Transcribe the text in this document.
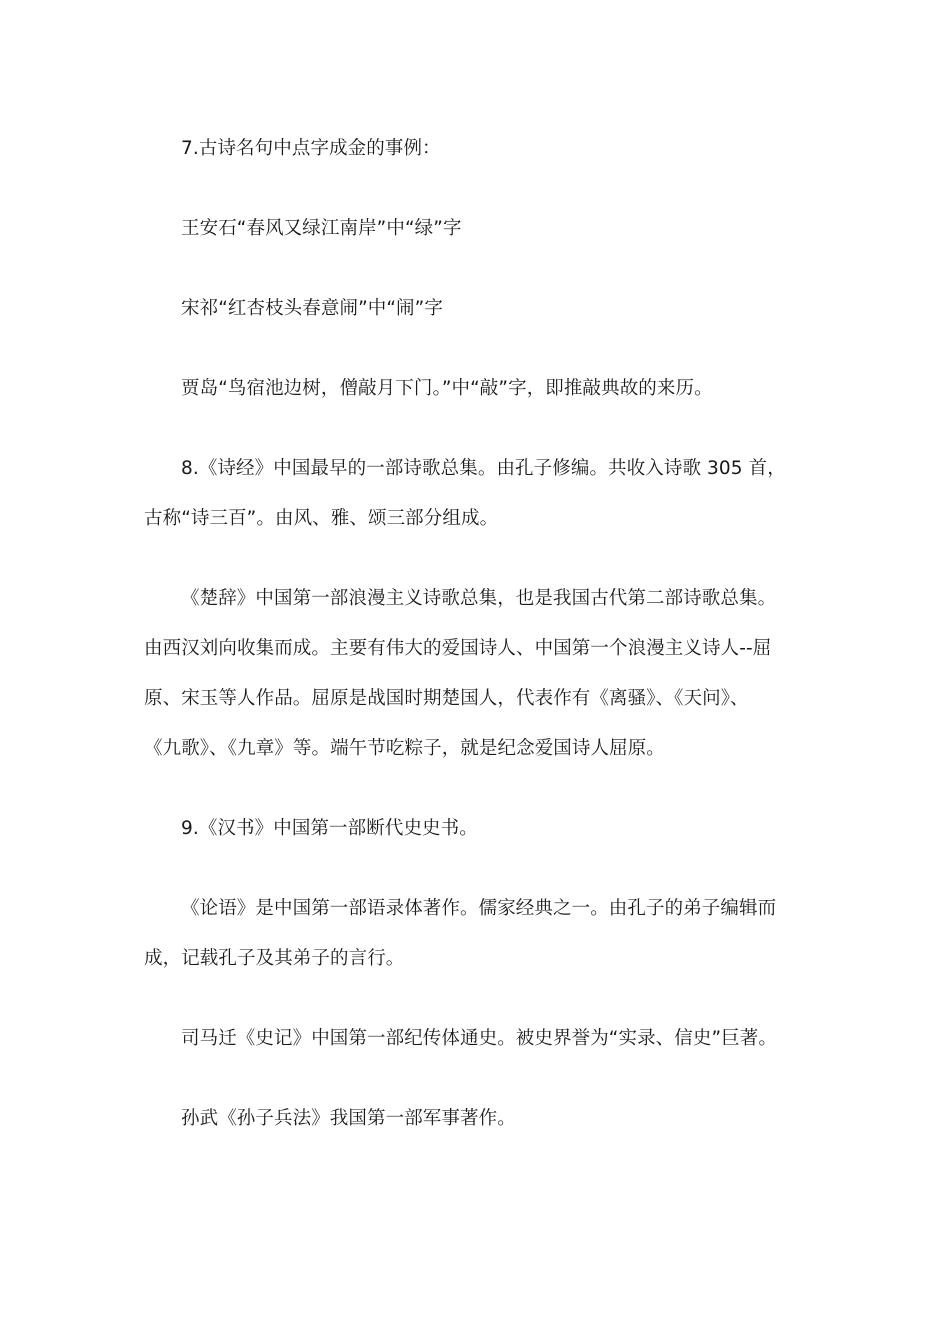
7.古诗名句中点字成金的事例：
王安石“春风又绿江南岸”中“绿”字
宋祁“红杏枝头春意闹”中“闹”字
贾岛“鸟宿池边树，僧敲月下门。”中“敲”字，即推敲典故的来历。
8.《诗经》中国最早的一部诗歌总集。由孔子修编。共收入诗歌 305 首，
古称“诗三百”。由风、雅、颂三部分组成。
《楚辞》中国第一部浪漫主义诗歌总集，也是我国古代第二部诗歌总集。
由西汉刘向收集而成。主要有伟大的爱国诗人、中国第一个浪漫主义诗人--屈
原、宋玉等人作品。屈原是战国时期楚国人，代表作有《离骚》、《天问》、
《九歌》、《九章》等。端午节吃粽子，就是纪念爱国诗人屈原。
9.《汉书》中国第一部断代史史书。
《论语》是中国第一部语录体著作。儒家经典之一。由孔子的弟子编辑而
成，记载孔子及其弟子的言行。
司马迁《史记》中国第一部纪传体通史。被史界誉为“实录、信史”巨著。
孙武《孙子兵法》我国第一部军事著作。
